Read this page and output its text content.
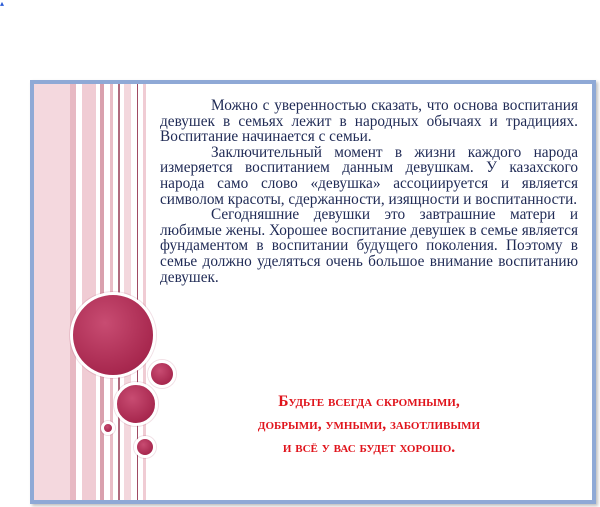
▴

Можно с уверенностью сказать, что основа воспитания девушек в семьях лежит в народных обычаях и традициях. Воспитание начинается с семьи.

Заключительный момент в жизни каждого народа измеряется воспитанием данным девушкам. У казахского народа само слово «девушка» ассоциируется и является символом красоты, сдержанности, изящности и воспитанности.

Сегодняшние девушки это завтрашние матери и любимые жены. Хорошее воспитание девушек в семье является фундаментом в воспитании будущего поколения. Поэтому в семье должно уделяться очень большое внимание воспитанию девушек.

Будьте всегда скромными,
добрыми, умными, заботливыми
и всё у вас будет хорошо.
